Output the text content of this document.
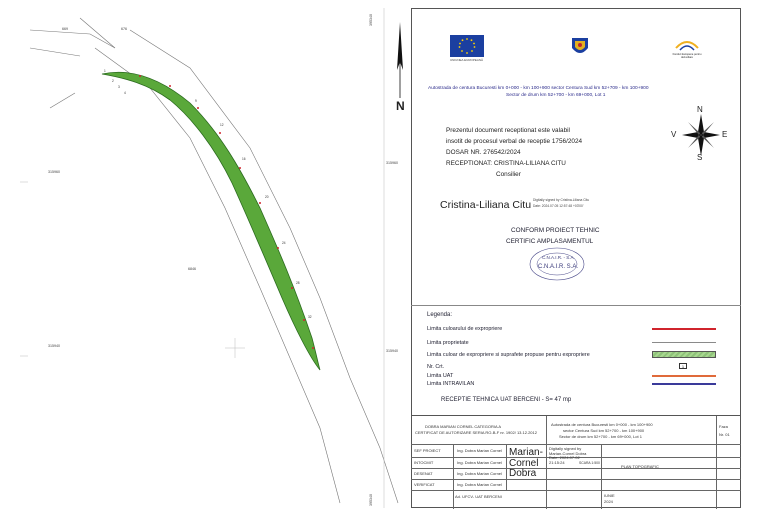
1
2
3
4
9
12
16
20
24
28
32
669	676
6846
315960
315960
315940
315940
395340
395340
N
UNIUNEA EUROPEANĂ
Fonduri Europene pentru dezvoltare
Autostrada de centura Bucuresti km 0+000 - km 100+900 sector Centura Sud km 52+709 - km 100+900
Sector de drum km 52+700 - km 69+000, Lot 1
N
S
V	E
Prezentul document receptionat este valabil
insotit de procesul verbal de receptie 1756/2024
DOSAR NR. 276542/2024
RECEPTIONAT: CRISTINA-LILIANA CITU
Consilier
Cristina-Liliana Citu Digitally signed by Cristina-Liliana Citu
Date: 2024.07.05 12:57:48 +03'00'
CONFORM PROIECT TEHNIC
CERTIFIC AMPLASAMENTUL
C.N.A.I.R. - S.A.
C.N.A.I.R. S.A.
Legenda:
Limita culoarului de expropriere
Limita proprietate
Limita culoar de expropriere si suprafete propuse pentru expropriere
Nr. Crt.	1
Limita UAT
Limita INTRAVILAN
RECEPTIE TEHNICA UAT BERCENI - S= 47 mp
DOBRA MARIAN CORNEL CATEGORIA A
CERTIFICAT DE AUTORIZARE SERIA RO-B-F nr. 1902/ 13.12.2012
Autostrada de centura Bucuresti km 0+000 - km 100+900
sector Centura Sud km 52+700 - km 100+900
Sector de drum km 52+700 - km 69+000, Lot 1
Faza
Nr. 01
SEF PROIECT	Ing. Dobra Marian Cornel
INTOCMIT	Ing. Dobra Marian Cornel
DESENAT	Ing. Dobra Marian Cornel
VERIFICAT	Ing. Dobra Marian Cornel
Marian-Cornel Dobra
Digitally signed by Marian-Cornel Dobra Date: 2024.07.02 21:15:24	SCARA 1:500
PLAN TOPOGRAFIC
Ad. UFCV- UAT BERCENI	IUNIE
2024
